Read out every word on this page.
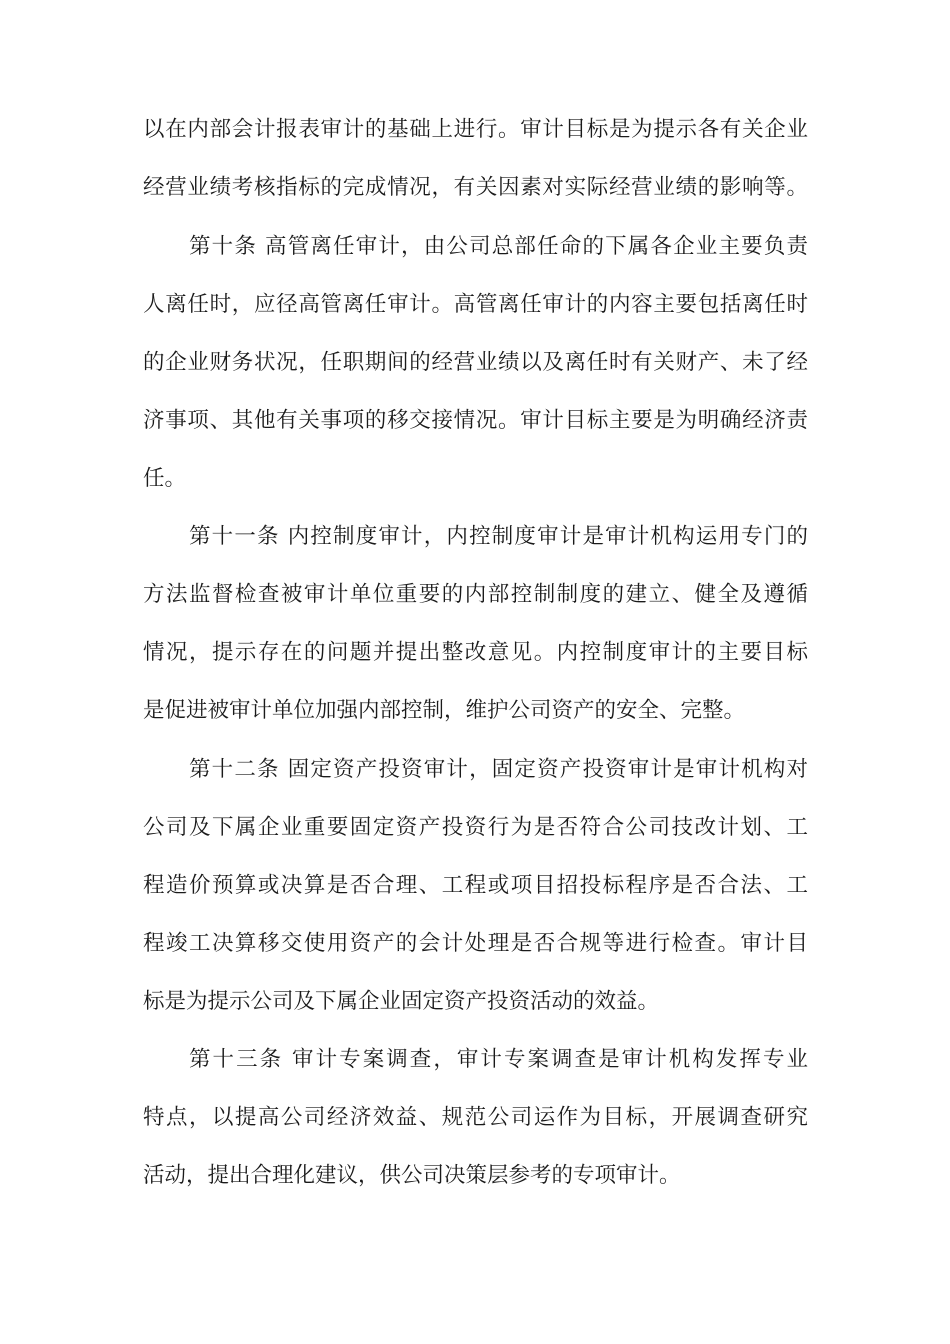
以在内部会计报表审计的基础上进行。审计目标是为提示各有关企业
经营业绩考核指标的完成情况，有关因素对实际经营业绩的影响等。
第十条 高管离任审计，由公司总部任命的下属各企业主要负责
人离任时，应径高管离任审计。高管离任审计的内容主要包括离任时
的企业财务状况，任职期间的经营业绩以及离任时有关财产、未了经
济事项、其他有关事项的移交接情况。审计目标主要是为明确经济责
任。
第十一条 内控制度审计，内控制度审计是审计机构运用专门的
方法监督检查被审计单位重要的内部控制制度的建立、健全及遵循
情况，提示存在的问题并提出整改意见。内控制度审计的主要目标
是促进被审计单位加强内部控制，维护公司资产的安全、完整。
第十二条 固定资产投资审计，固定资产投资审计是审计机构对
公司及下属企业重要固定资产投资行为是否符合公司技改计划、工
程造价预算或决算是否合理、工程或项目招投标程序是否合法、工
程竣工决算移交使用资产的会计处理是否合规等进行检查。审计目
标是为提示公司及下属企业固定资产投资活动的效益。
第十三条 审计专案调查，审计专案调查是审计机构发挥专业
特点，以提高公司经济效益、规范公司运作为目标，开展调查研究
活动，提出合理化建议，供公司决策层参考的专项审计。
